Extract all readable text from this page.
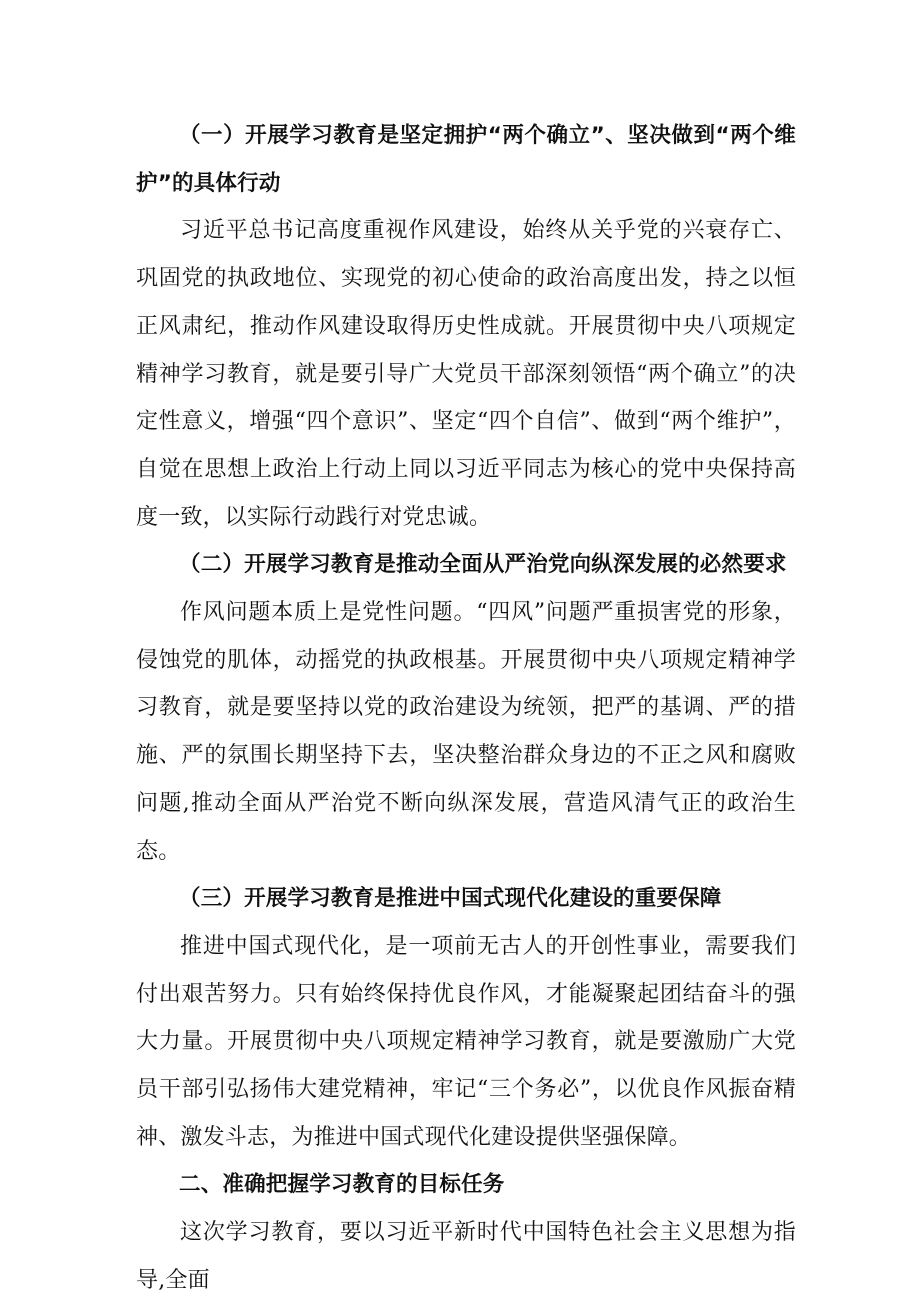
（一）开展学习教育是坚定拥护“两个确立”、坚决做到“两个维护”的具体行动

习近平总书记高度重视作风建设，始终从关乎党的兴衰存亡、巩固党的执政地位、实现党的初心使命的政治高度出发，持之以恒正风肃纪，推动作风建设取得历史性成就。开展贯彻中央八项规定精神学习教育，就是要引导广大党员干部深刻领悟“两个确立”的决定性意义，增强“四个意识”、坚定“四个自信”、做到“两个维护”，自觉在思想上政治上行动上同以习近平同志为核心的党中央保持高度一致，以实际行动践行对党忠诚。

（二）开展学习教育是推动全面从严治党向纵深发展的必然要求

作风问题本质上是党性问题。“四风”问题严重损害党的形象，侵蚀党的肌体，动摇党的执政根基。开展贯彻中央八项规定精神学习教育，就是要坚持以党的政治建设为统领，把严的基调、严的措施、严的氛围长期坚持下去，坚决整治群众身边的不正之风和腐败问题,推动全面从严治党不断向纵深发展，营造风清气正的政治生态。

（三）开展学习教育是推进中国式现代化建设的重要保障

推进中国式现代化，是一项前无古人的开创性事业，需要我们付出艰苦努力。只有始终保持优良作风，才能凝聚起团结奋斗的强大力量。开展贯彻中央八项规定精神学习教育，就是要激励广大党员干部引弘扬伟大建党精神，牢记“三个务必”，以优良作风振奋精神、激发斗志，为推进中国式现代化建设提供坚强保障。

二、准确把握学习教育的目标任务

这次学习教育，要以习近平新时代中国特色社会主义思想为指导,全面
